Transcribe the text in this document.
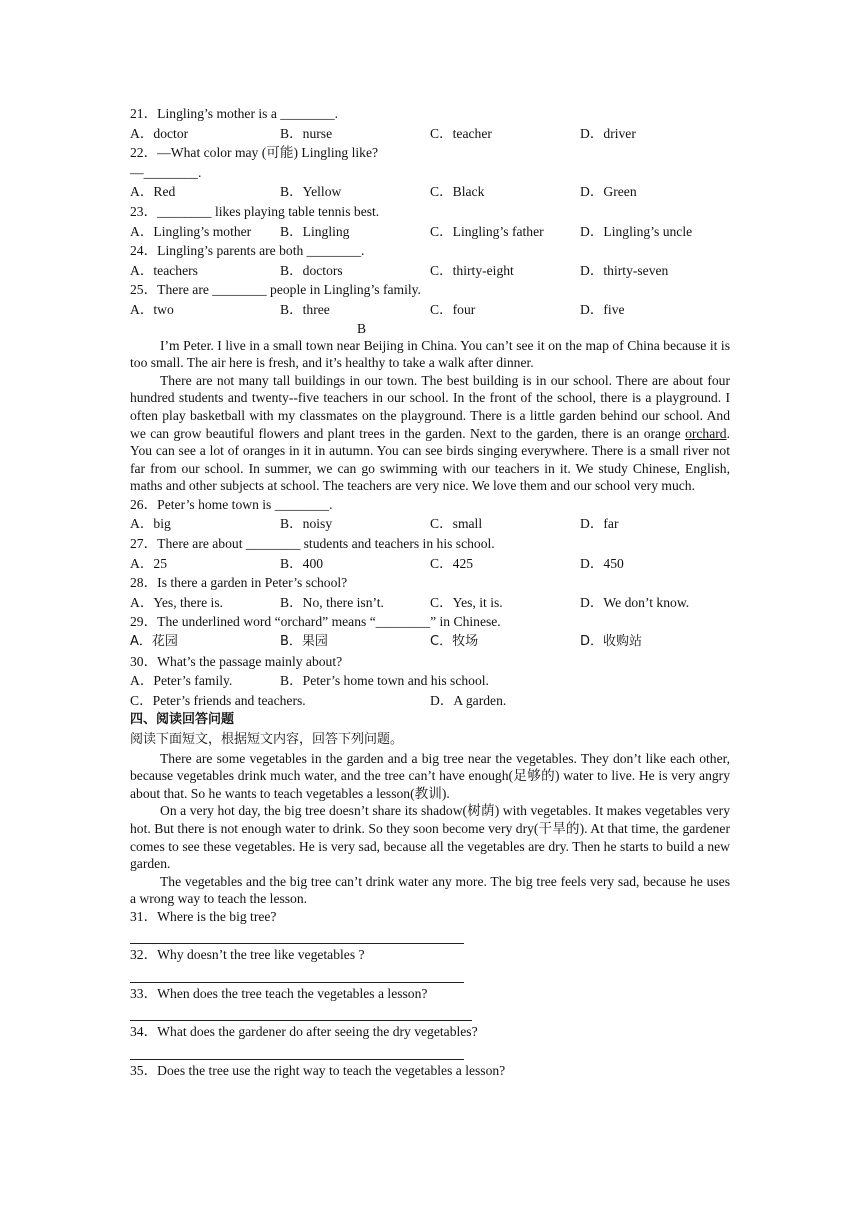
21．Lingling’s mother is a ________.
A．doctor	B．nurse	C．teacher	D．driver
22．—What color may (可能) Lingling like?
—________.
A．Red	B．Yellow	C．Black	D．Green
23．________ likes playing table tennis best.
A．Lingling’s mother B．Lingling	C．Lingling’s father	D．Lingling’s uncle
24．Lingling’s parents are both ________.
A．teachers	B．doctors	C．thirty-eight	D．thirty-seven
25．There are ________ people in Lingling’s family.
A．two	B．three	C．four	D．five
B
I’m Peter. I live in a small town near Beijing in China. You can’t see it on the map of China because it is too small. The air here is fresh, and it’s healthy to take a walk after dinner.
There are not many tall buildings in our town. The best building is in our school. There are about four hundred students and twenty--five teachers in our school. In the front of the school, there is a playground. I often play basketball with my classmates on the playground. There is a little garden behind our school. And we can grow beautiful flowers and plant trees in the garden. Next to the garden, there is an orange orchard. You can see a lot of oranges in it in autumn. You can see birds singing everywhere. There is a small river not far from our school. In summer, we can go swimming with our teachers in it. We study Chinese, English, maths and other subjects at school. The teachers are very nice. We love them and our school very much.
26．Peter’s home town is ________.
A．big	B．noisy	C．small	D．far
27．There are about ________ students and teachers in his school.
A．25	B．400	C．425	D．450
28．Is there a garden in Peter’s school?
A．Yes, there is.	B．No, there isn’t.	C．Yes, it is.	D．We don’t know.
29．The underlined word “orchard” means “________” in Chinese.
A．花园	B．果园	C．牧场	D．收购站
30．What’s the passage mainly about?
A．Peter’s family.	B．Peter’s home town and his school.
C．Peter’s friends and teachers.	D．A garden.
四、阅读回答问题
阅读下面短文，根据短文内容，回答下列问题。
There are some vegetables in the garden and a big tree near the vegetables. They don’t like each other, because vegetables drink much water, and the tree can’t have enough(足够的) water to live. He is very angry about that. So he wants to teach vegetables a lesson(教训).
On a very hot day, the big tree doesn’t share its shadow(树荫) with vegetables. It makes vegetables very hot. But there is not enough water to drink. So they soon become very dry(干旱的). At that time, the gardener comes to see these vegetables. He is very sad, because all the vegetables are dry. Then he starts to build a new garden.
The vegetables and the big tree can’t drink water any more. The big tree feels very sad, because he uses a wrong way to teach the lesson.
31．Where is the big tree?
32．Why doesn’t the tree like vegetables ?
33．When does the tree teach the vegetables a lesson?
34．What does the gardener do after seeing the dry vegetables?
35．Does the tree use the right way to teach the vegetables a lesson?
